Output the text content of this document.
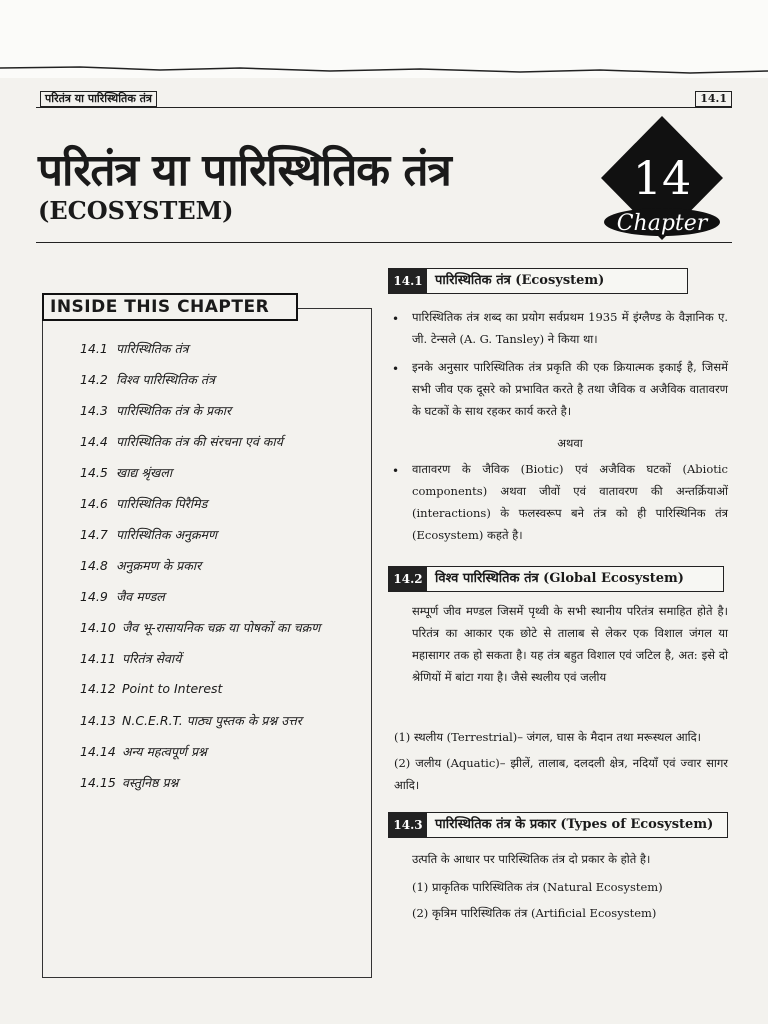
परितंत्र या पारिस्थितिक तंत्र	14.1
परितंत्र या पारिस्थितिक तंत्र
(ECOSYSTEM)
14
Chapter
INSIDE THIS CHAPTER
14.1 पारिस्थितिक तंत्र
14.2 विश्व पारिस्थितिक तंत्र
14.3 पारिस्थितिक तंत्र के प्रकार
14.4 पारिस्थितिक तंत्र की संरचना एवं कार्य
14.5 खाद्य श्रृंखला
14.6 पारिस्थितिक पिरैमिड
14.7 पारिस्थितिक अनुक्रमण
14.8 अनुक्रमण के प्रकार
14.9 जैव मण्डल
14.10 जैव भू-रासायनिक चक्र या पोषकों का चक्रण
14.11 परितंत्र सेवायें
14.12 Point to Interest
14.13 N.C.E.R.T. पाठ्य पुस्तक के प्रश्न उत्तर
14.14 अन्य महत्वपूर्ण प्रश्न
14.15 वस्तुनिष्ठ प्रश्न
14.1 पारिस्थितिक तंत्र (Ecosystem)
• पारिस्थितिक तंत्र शब्द का प्रयोग सर्वप्रथम 1935 में इंग्लैण्ड के वैज्ञानिक ए. जी. टेन्सले (A. G. Tansley) ने किया था।
• इनके अनुसार पारिस्थितिक तंत्र प्रकृति की एक क्रियात्मक इकाई है, जिसमें सभी जीव एक दूसरे को प्रभावित करते है तथा जैविक व अजैविक वातावरण के घटकों के साथ रहकर कार्य करते है।
अथवा
• वातावरण के जैविक (Biotic) एवं अजैविक घटकों (Abiotic components) अथवा जीवों एवं वातावरण की अन्तर्क्रियाओं (interactions) के फलस्वरूप बने तंत्र को ही पारिस्थिनिक तंत्र (Ecosystem) कहते है।
14.2 विश्व पारिस्थितिक तंत्र (Global Ecosystem)
सम्पूर्ण जीव मण्डल जिसमें पृथ्वी के सभी स्थानीय परितंत्र समाहित होते है। परितंत्र का आकार एक छोटे से तालाब से लेकर एक विशाल जंगल या महासागर तक हो सकता है। यह तंत्र बहुत विशाल एवं जटिल है, अत: इसे दो श्रेणियों में बांटा गया है। जैसे स्थलीय एवं जलीय
(1) स्थलीय (Terrestrial)– जंगल, घास के मैदान तथा मरूस्थल आदि।
(2) जलीय (Aquatic)– झीलें, तालाब, दलदली क्षेत्र, नदियाँ एवं ज्वार सागर आदि।
14.3 पारिस्थितिक तंत्र के प्रकार (Types of Ecosystem)
उत्पति के आधार पर पारिस्थितिक तंत्र दो प्रकार के होते है।
(1) प्राकृतिक पारिस्थितिक तंत्र (Natural Ecosystem)
(2) कृत्रिम पारिस्थितिक तंत्र (Artificial Ecosystem)
